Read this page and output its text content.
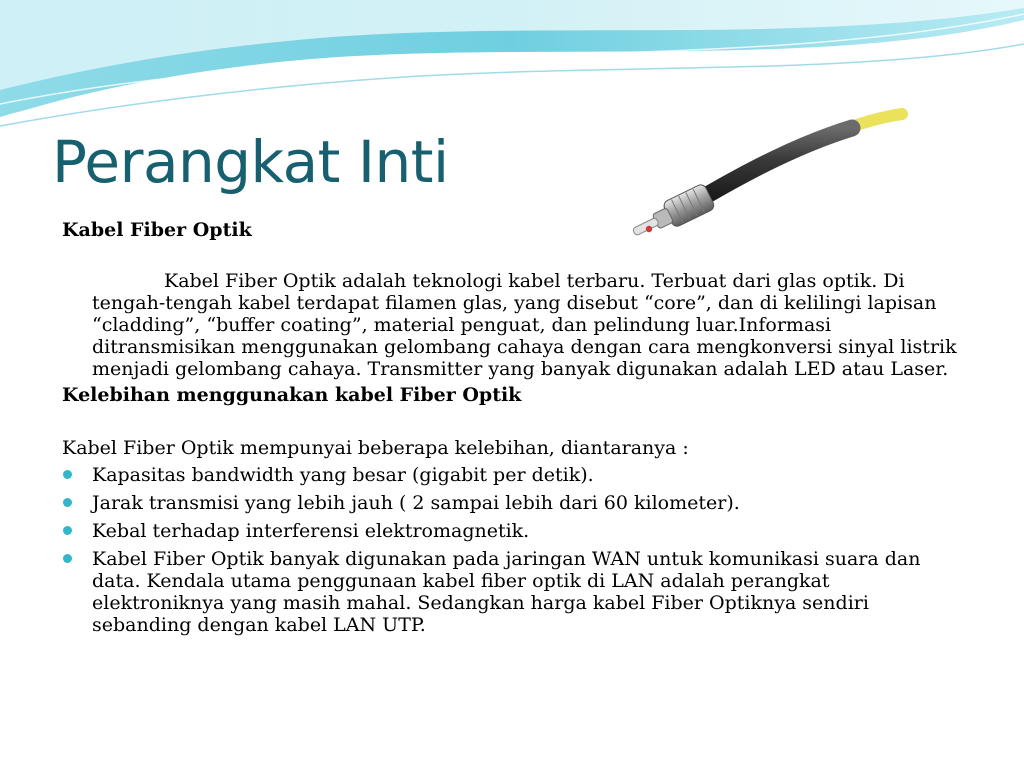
Perangkat Inti
Kabel Fiber Optik

Kabel Fiber Optik adalah teknologi kabel terbaru. Terbuat dari glas optik. Di tengah-tengah kabel terdapat filamen glas, yang disebut “core”, dan di kelilingi lapisan “cladding”, “buffer coating”, material penguat, dan pelindung luar.Informasi ditransmisikan menggunakan gelombang cahaya dengan cara mengkonversi sinyal listrik menjadi gelombang cahaya. Transmitter yang banyak digunakan adalah LED atau Laser.

Kelebihan menggunakan kabel Fiber Optik

Kabel Fiber Optik mempunyai beberapa kelebihan, diantaranya :

Kapasitas bandwidth yang besar (gigabit per detik).
Jarak transmisi yang lebih jauh ( 2 sampai lebih dari 60 kilometer).
Kebal terhadap interferensi elektromagnetik.
Kabel Fiber Optik banyak digunakan pada jaringan WAN untuk komunikasi suara dan data. Kendala utama penggunaan kabel fiber optik di LAN adalah perangkat elektroniknya yang masih mahal. Sedangkan harga kabel Fiber Optiknya sendiri sebanding dengan kabel LAN UTP.
